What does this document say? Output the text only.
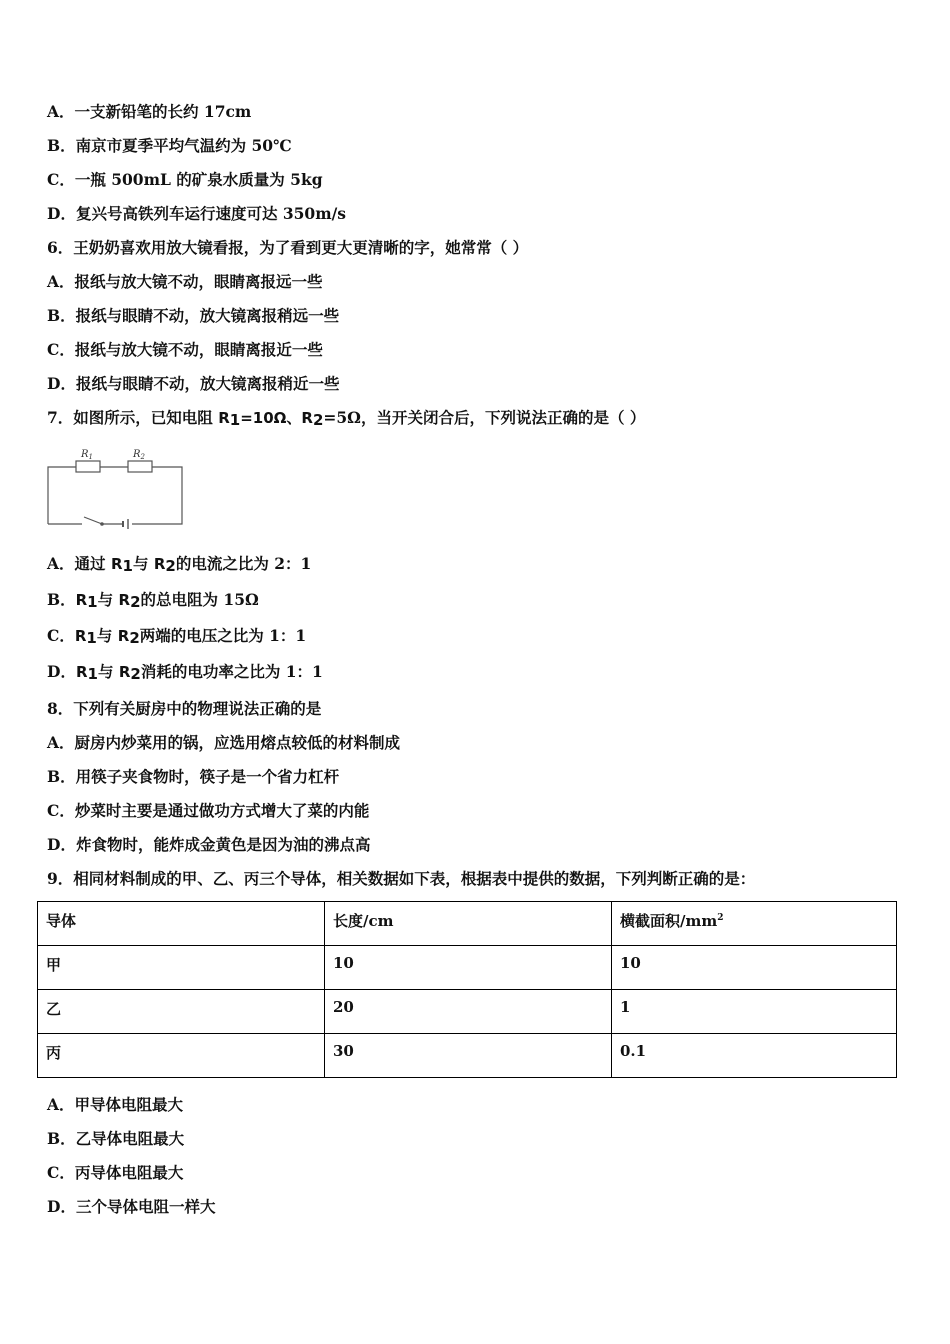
A．一支新铅笔的长约 17cm
B．南京市夏季平均气温约为 50℃
C．一瓶 500mL 的矿泉水质量为 5kg
D．复兴号高铁列车运行速度可达 350m/s
6．王奶奶喜欢用放大镜看报，为了看到更大更清晰的字，她常常（ ）
A．报纸与放大镜不动，眼睛离报远一些
B．报纸与眼睛不动，放大镜离报稍远一些
C．报纸与放大镜不动，眼睛离报近一些
D．报纸与眼睛不动，放大镜离报稍近一些
7．如图所示，已知电阻 $R_1=10\Omega$、$R_2=5\Omega$，当开关闭合后，下列说法正确的是（ ）
$R_1$	$R_2$
A．通过 $R_1$与 $R_2$的电流之比为 2：1
B．$R_1$与 $R_2$的总电阻为 15Ω
C．$R_1$与 $R_2$两端的电压之比为 1：1
D．$R_1$与 $R_2$消耗的电功率之比为 1：1
8．下列有关厨房中的物理说法正确的是
A．厨房内炒菜用的锅，应选用熔点较低的材料制成
B．用筷子夹食物时，筷子是一个省力杠杆
C．炒菜时主要是通过做功方式增大了菜的内能
D．炸食物时，能炸成金黄色是因为油的沸点高
9．相同材料制成的甲、乙、丙三个导体，相关数据如下表，根据表中提供的数据，下列判断正确的是：
导体	长度/cm	横截面积$/mm^2$
甲	10	10
乙	20	1
丙	30	0.1
A．甲导体电阻最大
B．乙导体电阻最大
C．丙导体电阻最大
D．三个导体电阻一样大
